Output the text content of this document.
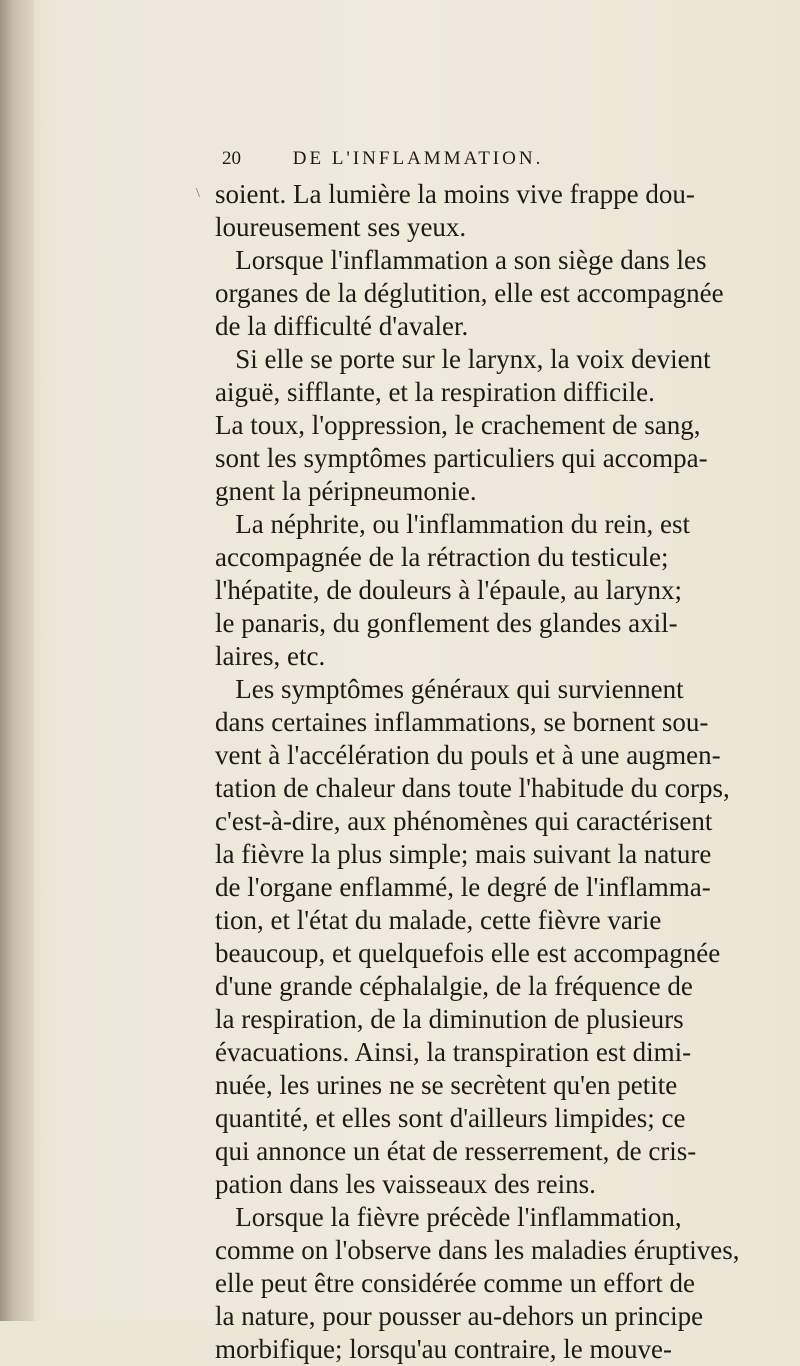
20	DE L'INFLAMMATION.
\ soient. La lumière la moins vive frappe dou-
loureusement ses yeux.
Lorsque l'inflammation a son siège dans les
organes de la déglutition, elle est accompagnée
de la difficulté d'avaler.
Si elle se porte sur le larynx, la voix devient
aiguë, sifflante, et la respiration difficile.
La toux, l'oppression, le crachement de sang,
sont les symptômes particuliers qui accompa-
gnent la péripneumonie.
La néphrite, ou l'inflammation du rein, est
accompagnée de la rétraction du testicule;
l'hépatite, de douleurs à l'épaule, au larynx;
le panaris, du gonflement des glandes axil-
laires, etc.
Les symptômes généraux qui surviennent
dans certaines inflammations, se bornent sou-
vent à l'accélération du pouls et à une augmen-
tation de chaleur dans toute l'habitude du corps,
c'est-à-dire, aux phénomènes qui caractérisent
la fièvre la plus simple; mais suivant la nature
de l'organe enflammé, le degré de l'inflamma-
tion, et l'état du malade, cette fièvre varie
beaucoup, et quelquefois elle est accompagnée
d'une grande céphalalgie, de la fréquence de
la respiration, de la diminution de plusieurs
évacuations. Ainsi, la transpiration est dimi-
nuée, les urines ne se secrètent qu'en petite
quantité, et elles sont d'ailleurs limpides; ce
qui annonce un état de resserrement, de cris-
pation dans les vaisseaux des reins.
Lorsque la fièvre précède l'inflammation,
comme on l'observe dans les maladies éruptives,
elle peut être considérée comme un effort de
la nature, pour pousser au-dehors un principe
morbifique; lorsqu'au contraire, le mouve-
